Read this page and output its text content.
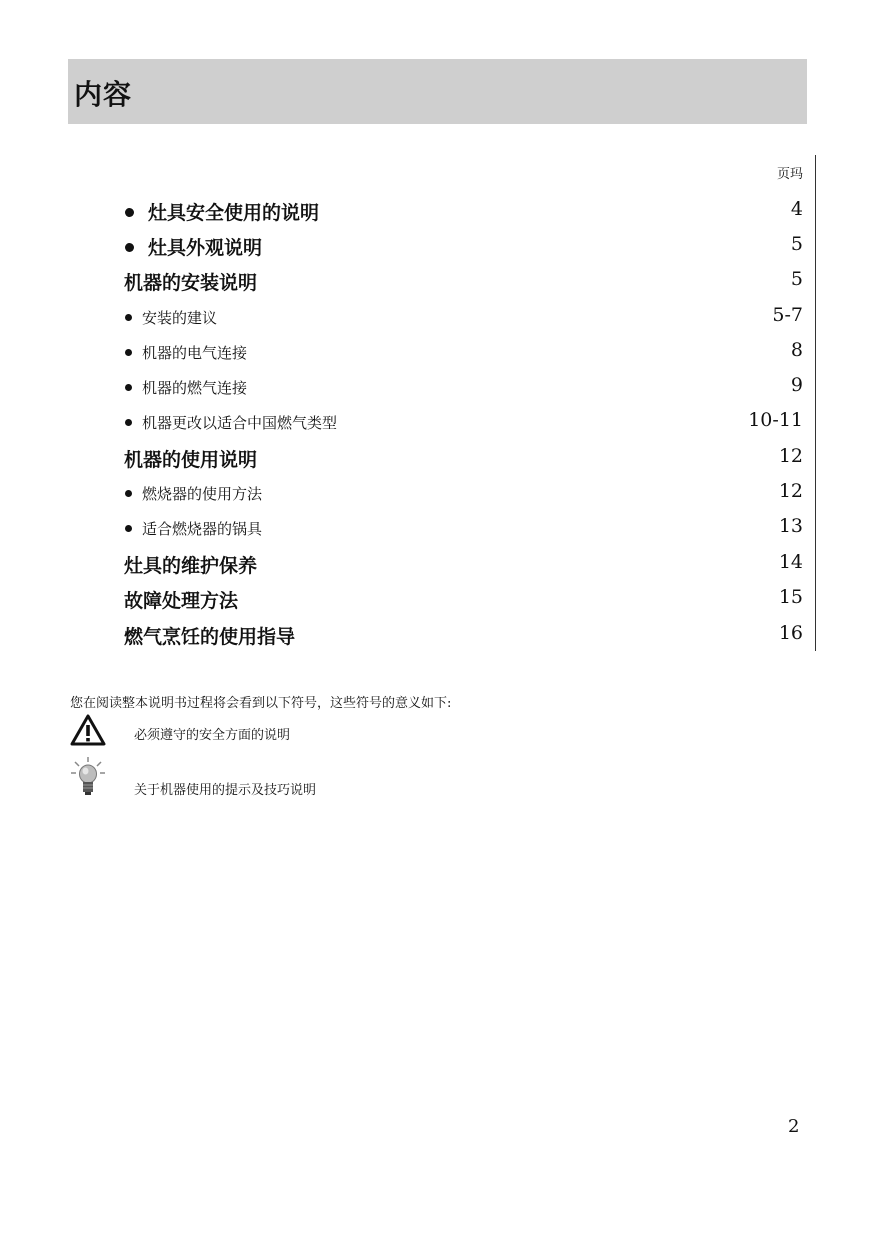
内容
页玛
灶具安全使用的说明	4
灶具外观说明	5
机器的安装说明	5
安装的建议	5-7
机器的电气连接	8
机器的燃气连接	9
机器更改以适合中国燃气类型	10-11
机器的使用说明	12
燃烧器的使用方法	12
适合燃烧器的锅具	13
灶具的维护保养	14
故障处理方法	15
燃气烹饪的使用指导	16
您在阅读整本说明书过程将会看到以下符号，这些符号的意义如下:
必须遵守的安全方面的说明
关于机器使用的提示及技巧说明
2
